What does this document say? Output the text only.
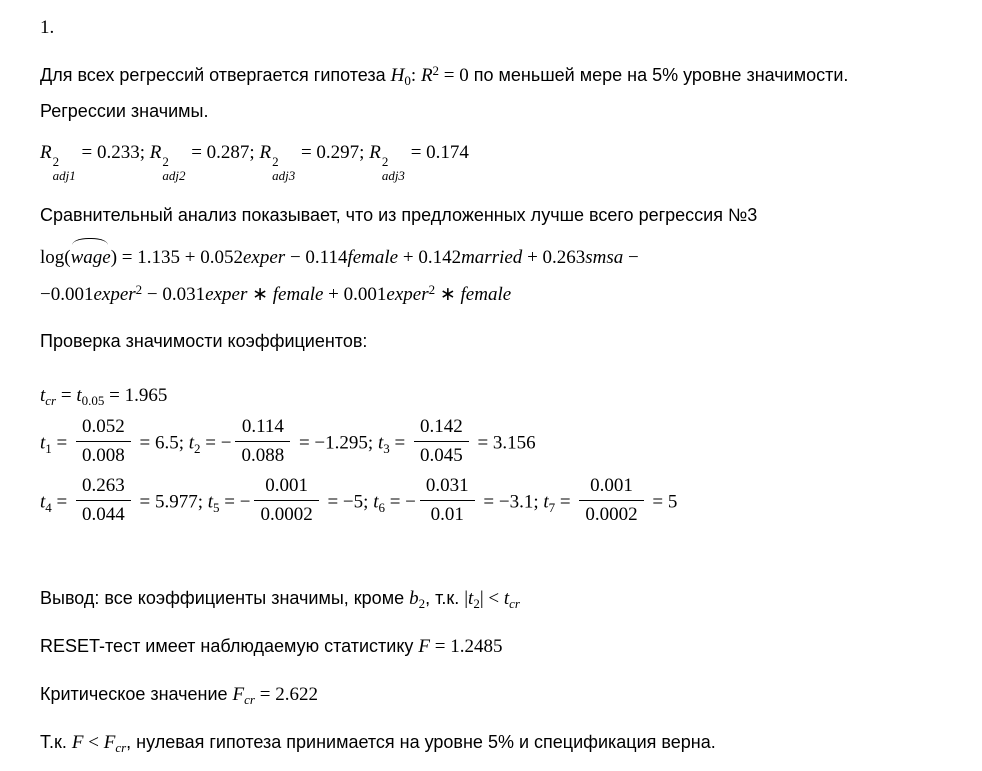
1.
Для всех регрессий отвергается гипотеза $H_0$: $R^2 = 0$ по меньшей мере на 5% уровне значимости.
Регрессии значимы.
R 2
adj1
= 0.233; R 2
adj2
= 0.287; R 2
adj3
= 0.297; R 2
adj3
= 0.174
Сравнительный анализ показывает, что из предложенных лучше всего регрессия №3
log(wage) = 1.135 + 0.052exper − 0.114female + 0.142married + 0.263smsa −
−0.001exper$^2$ − 0.031exper ∗ female + 0.001exper$^2$ ∗ female
Проверка значимости коэффициентов:
$t_{cr} = t_{0.05} = 1.965$
$t_1 = \frac{0.052}{0.008} = 6.5$; $t_2$ = − $\frac{0.114}{0.088} = -1.295$; $t_3 = \frac{0.142}{0.045} = 3.156$
$t_4 = \frac{0.263}{0.044} = 5.977$; $t_5$ = − $\frac{0.001}{0.0002} = -5$; $t_6$ = − $\frac{0.031}{0.01} = -3.1$; $t_7 = \frac{0.001}{0.0002} = 5$
Вывод: все коэффициенты значимы, кроме $b_2$, т.к. $|t_2| < t_{cr}$
RESET-тест имеет наблюдаемую статистику F = 1.2485
Критическое значение $F_{cr} = 2.622$
Т.к. $F < F_{cr}$, нулевая гипотеза принимается на уровне 5% и спецификация верна.
